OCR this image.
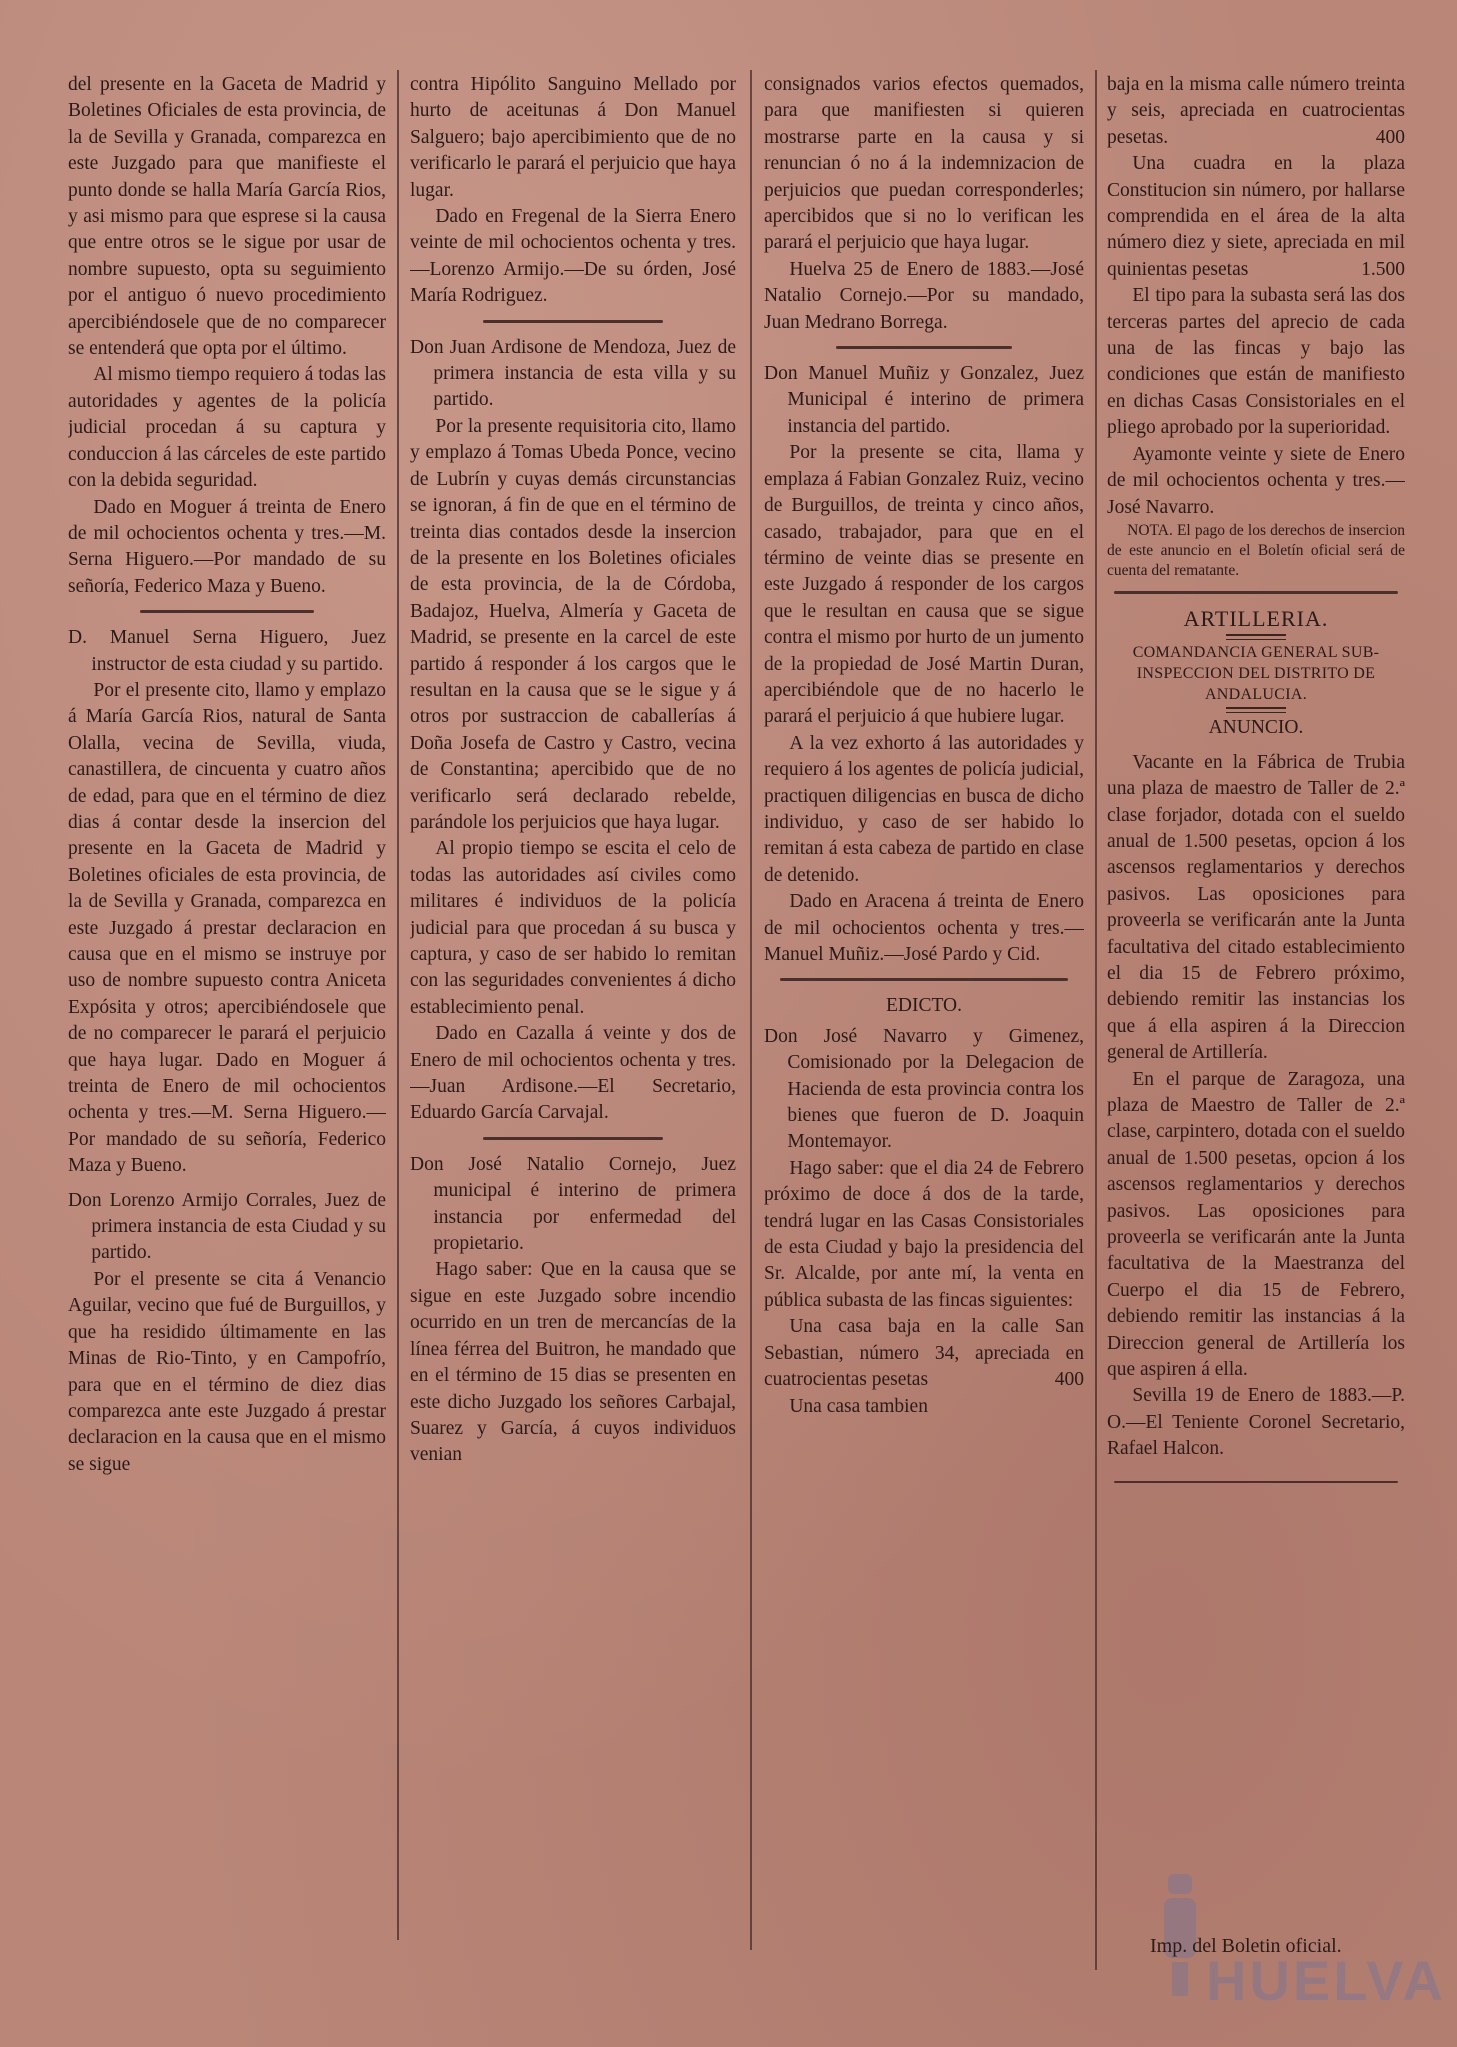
del presente en la Gaceta de Madrid y Boletines Oficiales de esta provincia, de la de Sevilla y Granada, comparezca en este Juzgado para que manifieste el punto donde se halla María García Rios, y asi mismo para que esprese si la causa que entre otros se le sigue por usar de nombre supuesto, opta su seguimiento por el antiguo ó nuevo procedimiento apercibiéndosele que de no comparecer se entenderá que opta por el último.

Al mismo tiempo requiero á todas las autoridades y agentes de la policía judicial procedan á su captura y conduccion á las cárceles de este partido con la debida seguridad.

Dado en Moguer á treinta de Enero de mil ochocientos ochenta y tres.—M. Serna Higuero.—Por mandado de su señoría, Federico Maza y Bueno.

D. Manuel Serna Higuero, Juez instructor de esta ciudad y su partido.

Por el presente cito, llamo y emplazo á María García Rios, natural de Santa Olalla, vecina de Sevilla, viuda, canastillera, de cincuenta y cuatro años de edad, para que en el término de diez dias á contar desde la insercion del presente en la Gaceta de Madrid y Boletines oficiales de esta provincia, de la de Sevilla y Granada, comparezca en este Juzgado á prestar declaracion en causa que en el mismo se instruye por uso de nombre supuesto contra Aniceta Expósita y otros; apercibiéndosele que de no comparecer le parará el perjuicio que haya lugar. Dado en Moguer á treinta de Enero de mil ochocientos ochenta y tres.—M. Serna Higuero.—Por mandado de su señoría, Federico Maza y Bueno.

Don Lorenzo Armijo Corrales, Juez de primera instancia de esta Ciudad y su partido.

Por el presente se cita á Venancio Aguilar, vecino que fué de Burguillos, y que ha residido últimamente en las Minas de Rio-Tinto, y en Campofrío, para que en el término de diez dias comparezca ante este Juzgado á prestar declaracion en la causa que en el mismo se sigue

contra Hipólito Sanguino Mellado por hurto de aceitunas á Don Manuel Salguero; bajo apercibimiento que de no verificarlo le parará el perjuicio que haya lugar.

Dado en Fregenal de la Sierra Enero veinte de mil ochocientos ochenta y tres.—Lorenzo Armijo.—De su órden, José María Rodriguez.

Don Juan Ardisone de Mendoza, Juez de primera instancia de esta villa y su partido.

Por la presente requisitoria cito, llamo y emplazo á Tomas Ubeda Ponce, vecino de Lubrín y cuyas demás circunstancias se ignoran, á fin de que en el término de treinta dias contados desde la insercion de la presente en los Boletines oficiales de esta provincia, de la de Córdoba, Badajoz, Huelva, Almería y Gaceta de Madrid, se presente en la carcel de este partido á responder á los cargos que le resultan en la causa que se le sigue y á otros por sustraccion de caballerías á Doña Josefa de Castro y Castro, vecina de Constantina; apercibido que de no verificarlo será declarado rebelde, parándole los perjuicios que haya lugar.

Al propio tiempo se escita el celo de todas las autoridades así civiles como militares é individuos de la policía judicial para que procedan á su busca y captura, y caso de ser habido lo remitan con las seguridades convenientes á dicho establecimiento penal.

Dado en Cazalla á veinte y dos de Enero de mil ochocientos ochenta y tres.—Juan Ardisone.—El Secretario, Eduardo García Carvajal.

Don José Natalio Cornejo, Juez municipal é interino de primera instancia por enfermedad del propietario.

Hago saber: Que en la causa que se sigue en este Juzgado sobre incendio ocurrido en un tren de mercancías de la línea férrea del Buitron, he mandado que en el término de 15 dias se presenten en este dicho Juzgado los señores Carbajal, Suarez y García, á cuyos individuos venian

consignados varios efectos quemados, para que manifiesten si quieren mostrarse parte en la causa y si renuncian ó no á la indemnizacion de perjuicios que puedan corresponderles; apercibidos que si no lo verifican les parará el perjuicio que haya lugar.

Huelva 25 de Enero de 1883.—José Natalio Cornejo.—Por su mandado, Juan Medrano Borrega.

Don Manuel Muñiz y Gonzalez, Juez Municipal é interino de primera instancia del partido.

Por la presente se cita, llama y emplaza á Fabian Gonzalez Ruiz, vecino de Burguillos, de treinta y cinco años, casado, trabajador, para que en el término de veinte dias se presente en este Juzgado á responder de los cargos que le resultan en causa que se sigue contra el mismo por hurto de un jumento de la propiedad de José Martin Duran, apercibiéndole que de no hacerlo le parará el perjuicio á que hubiere lugar.

A la vez exhorto á las autoridades y requiero á los agentes de policía judicial, practiquen diligencias en busca de dicho individuo, y caso de ser habido lo remitan á esta cabeza de partido en clase de detenido.

Dado en Aracena á treinta de Enero de mil ochocientos ochenta y tres.—Manuel Muñiz.—José Pardo y Cid.

EDICTO.

Don José Navarro y Gimenez, Comisionado por la Delegacion de Hacienda de esta provincia contra los bienes que fueron de D. Joaquin Montemayor.

Hago saber: que el dia 24 de Febrero próximo de doce á dos de la tarde, tendrá lugar en las Casas Consistoriales de esta Ciudad y bajo la presidencia del Sr. Alcalde, por ante mí, la venta en pública subasta de las fincas siguientes:

Una casa baja en la calle San Sebastian, número 34, apreciada en cuatrocientas pesetas	400

Una casa tambien

baja en la misma calle número treinta y seis, apreciada en cuatrocientas pesetas.	400

Una cuadra en la plaza Constitucion sin número, por hallarse comprendida en el área de la alta número diez y siete, apreciada en mil quinientas pesetas	1.500

El tipo para la subasta será las dos terceras partes del aprecio de cada una de las fincas y bajo las condiciones que están de manifiesto en dichas Casas Consistoriales en el pliego aprobado por la superioridad.

Ayamonte veinte y siete de Enero de mil ochocientos ochenta y tres.—José Navarro.

NOTA. El pago de los derechos de insercion de este anuncio en el Boletín oficial será de cuenta del rematante.

ARTILLERIA.

COMANDANCIA GENERAL SUB-INSPECCION DEL DISTRITO DE ANDALUCIA.

ANUNCIO.

Vacante en la Fábrica de Trubia una plaza de maestro de Taller de 2.ª clase forjador, dotada con el sueldo anual de 1.500 pesetas, opcion á los ascensos reglamentarios y derechos pasivos. Las oposiciones para proveerla se verificarán ante la Junta facultativa del citado establecimiento el dia 15 de Febrero próximo, debiendo remitir las instancias los que á ella aspiren á la Direccion general de Artillería.

En el parque de Zaragoza, una plaza de Maestro de Taller de 2.ª clase, carpintero, dotada con el sueldo anual de 1.500 pesetas, opcion á los ascensos reglamentarios y derechos pasivos. Las oposiciones para proveerla se verificarán ante la Junta facultativa de la Maestranza del Cuerpo el dia 15 de Febrero, debiendo remitir las instancias á la Direccion general de Artillería los que aspiren á ella.

Sevilla 19 de Enero de 1883.—P. O.—El Teniente Coronel Secretario, Rafael Halcon.

HUELVA
Imp. del Boletin oficial.
